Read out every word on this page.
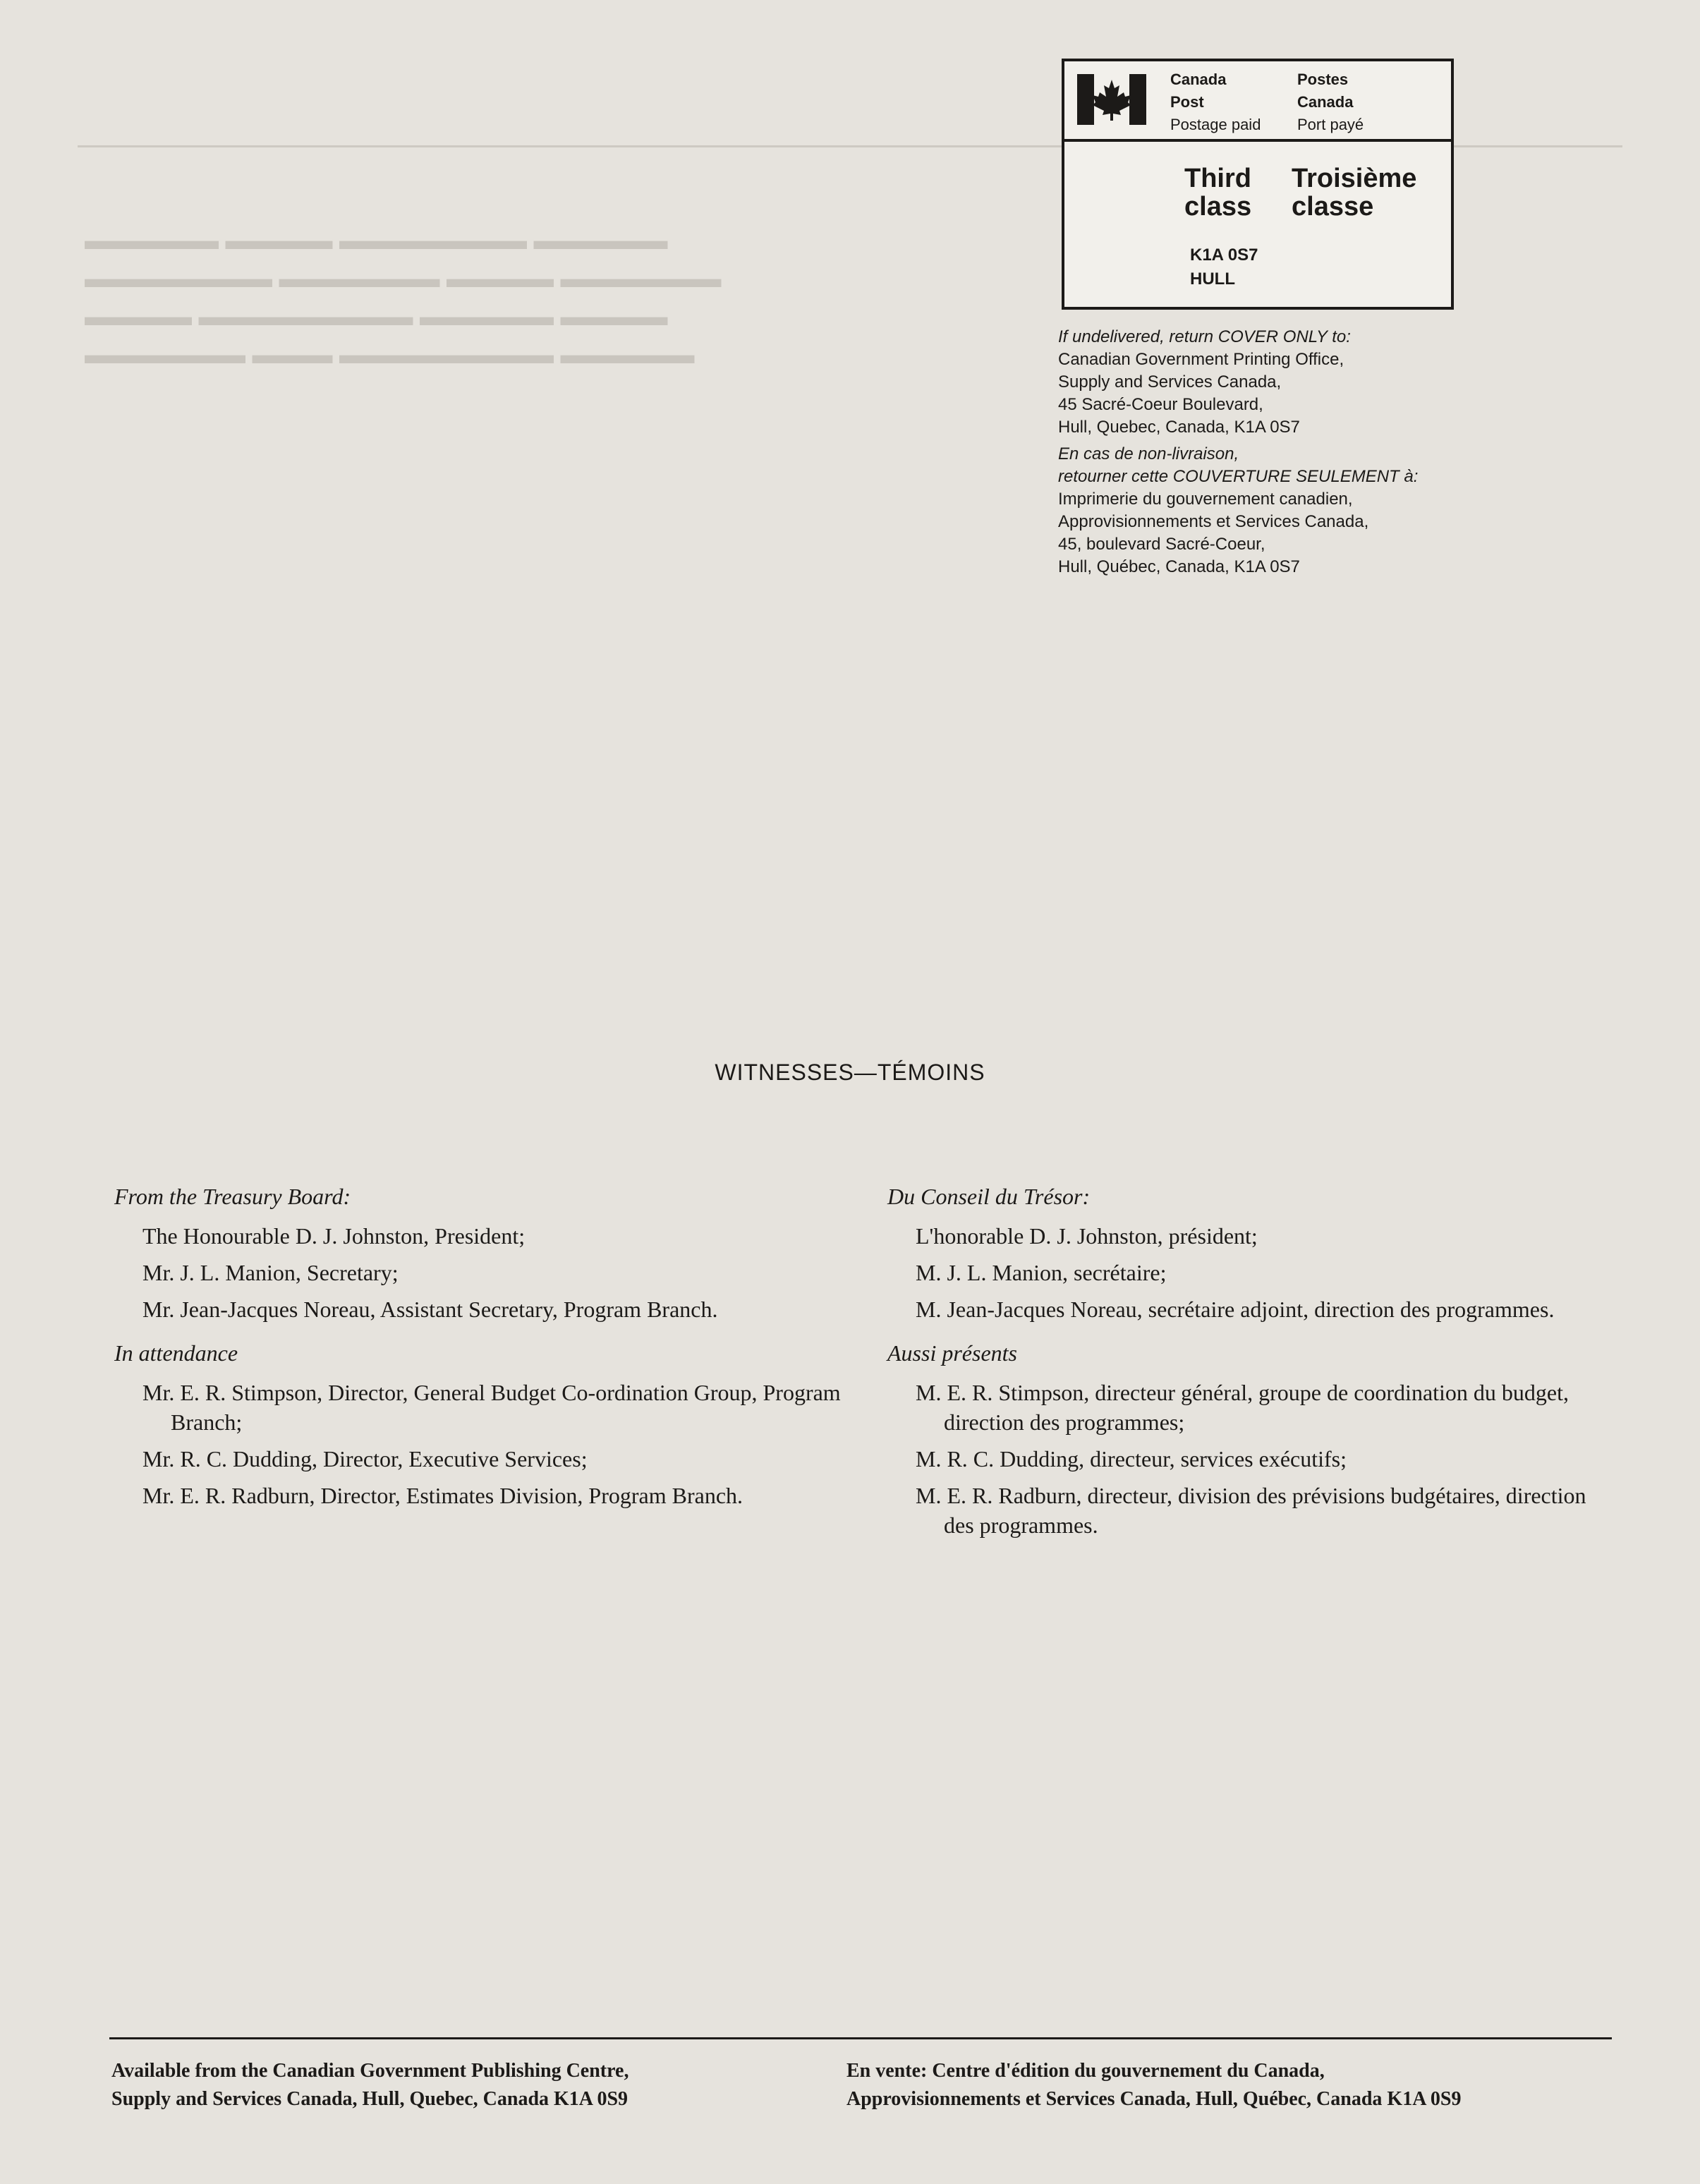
▬▬▬▬▬ ▬▬▬▬ ▬▬▬▬▬▬▬ ▬▬▬▬▬
▬▬▬▬▬▬▬ ▬▬▬▬▬▬ ▬▬▬▬ ▬▬▬▬▬▬
▬▬▬▬ ▬▬▬▬▬▬▬▬ ▬▬▬▬▬ ▬▬▬▬
▬▬▬▬▬▬ ▬▬▬ ▬▬▬▬▬▬▬▬ ▬▬▬▬▬

Canada
Post
Postage paid
Postes
Canada
Port payé
Third
class
Troisième
classe
K1A 0S7
HULL
If undelivered, return COVER ONLY to:
Canadian Government Printing Office,
Supply and Services Canada,
45 Sacré-Coeur Boulevard,
Hull, Quebec, Canada, K1A 0S7
En cas de non-livraison,
retourner cette COUVERTURE SEULEMENT à:
Imprimerie du gouvernement canadien,
Approvisionnements et Services Canada,
45, boulevard Sacré-Coeur,
Hull, Québec, Canada, K1A 0S7
WITNESSES—TÉMOINS

From the Treasury Board:

The Honourable D. J. Johnston, President;

Mr. J. L. Manion, Secretary;

Mr. Jean-Jacques Noreau, Assistant Secretary, Program Branch.

In attendance

Mr. E. R. Stimpson, Director, General Budget Co-ordination Group, Program Branch;

Mr. R. C. Dudding, Director, Executive Services;

Mr. E. R. Radburn, Director, Estimates Division, Program Branch.

Du Conseil du Trésor:

L'honorable D. J. Johnston, président;

M. J. L. Manion, secrétaire;

M. Jean-Jacques Noreau, secrétaire adjoint, direction des programmes.

Aussi présents

M. E. R. Stimpson, directeur général, groupe de coordination du budget, direction des programmes;

M. R. C. Dudding, directeur, services exécutifs;

M. E. R. Radburn, directeur, division des prévisions budgétaires, direction des programmes.

Available from the Canadian Government Publishing Centre,
Supply and Services Canada, Hull, Quebec, Canada K1A 0S9
En vente: Centre d'édition du gouvernement du Canada,
Approvisionnements et Services Canada, Hull, Québec, Canada K1A 0S9
